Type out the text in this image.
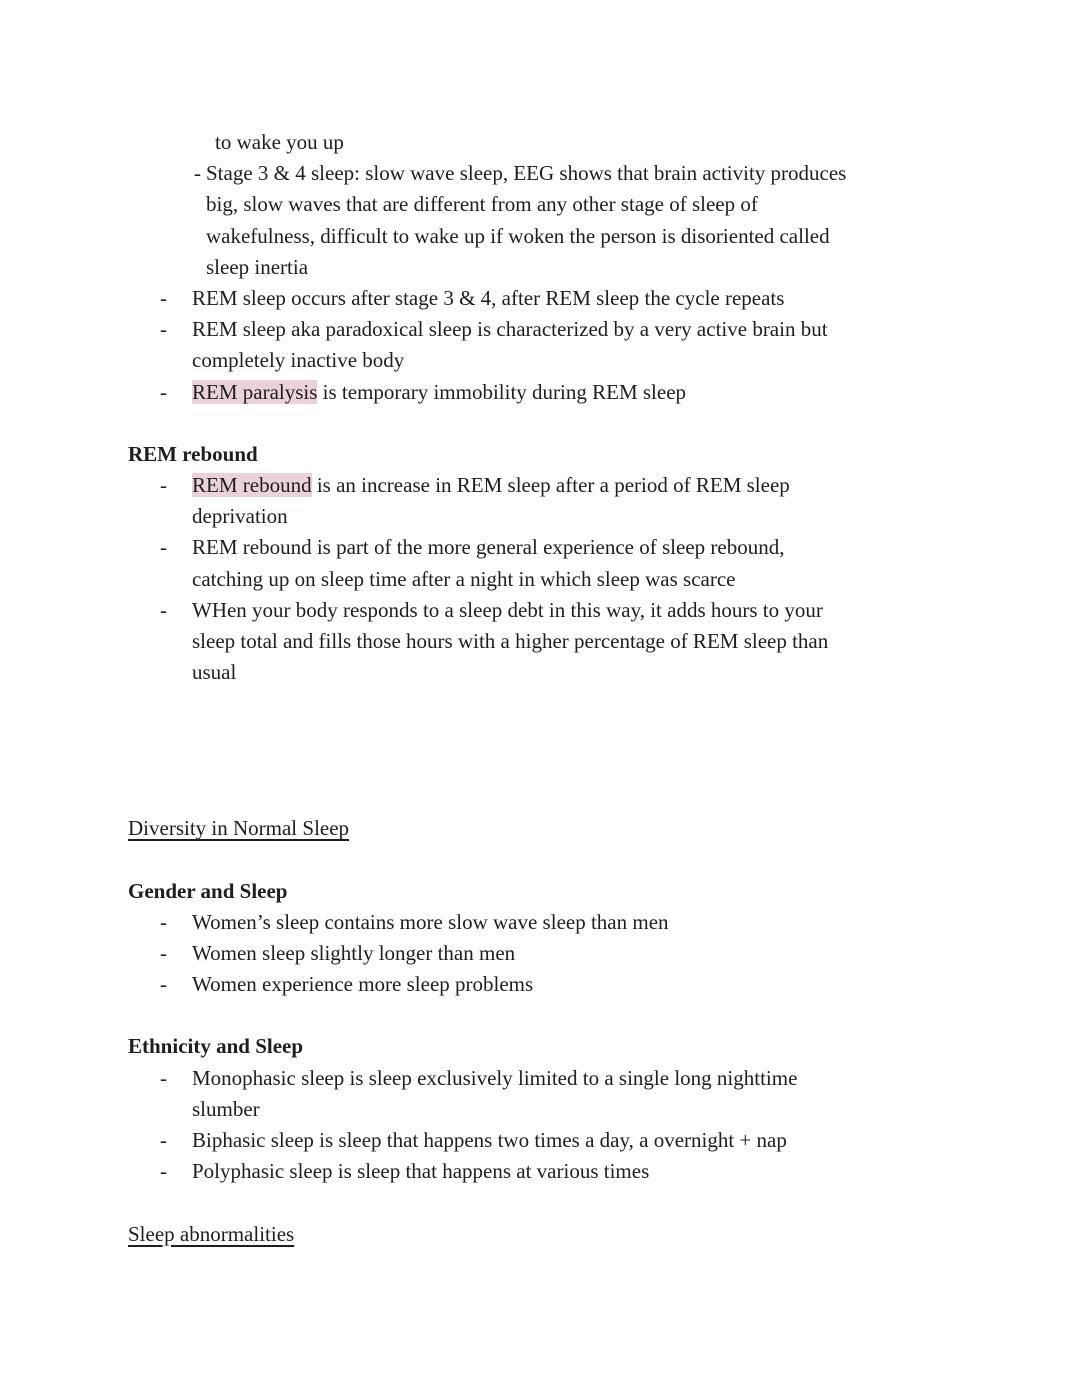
to wake you up
- Stage 3 & 4 sleep: slow wave sleep, EEG shows that brain activity produces
big, slow waves that are different from any other stage of sleep of
wakefulness, difficult to wake up if woken the person is disoriented called
sleep inertia
- REM sleep occurs after stage 3 & 4, after REM sleep the cycle repeats
- REM sleep aka paradoxical sleep is characterized by a very active brain but
completely inactive body
- REM paralysis is temporary immobility during REM sleep
REM rebound
- REM rebound is an increase in REM sleep after a period of REM sleep
deprivation
- REM rebound is part of the more general experience of sleep rebound,
catching up on sleep time after a night in which sleep was scarce
- WHen your body responds to a sleep debt in this way, it adds hours to your
sleep total and fills those hours with a higher percentage of REM sleep than
usual
Diversity in Normal Sleep
Gender and Sleep
- Women’s sleep contains more slow wave sleep than men
- Women sleep slightly longer than men
- Women experience more sleep problems
Ethnicity and Sleep
- Monophasic sleep is sleep exclusively limited to a single long nighttime
slumber
- Biphasic sleep is sleep that happens two times a day, a overnight + nap
- Polyphasic sleep is sleep that happens at various times
Sleep abnormalities
